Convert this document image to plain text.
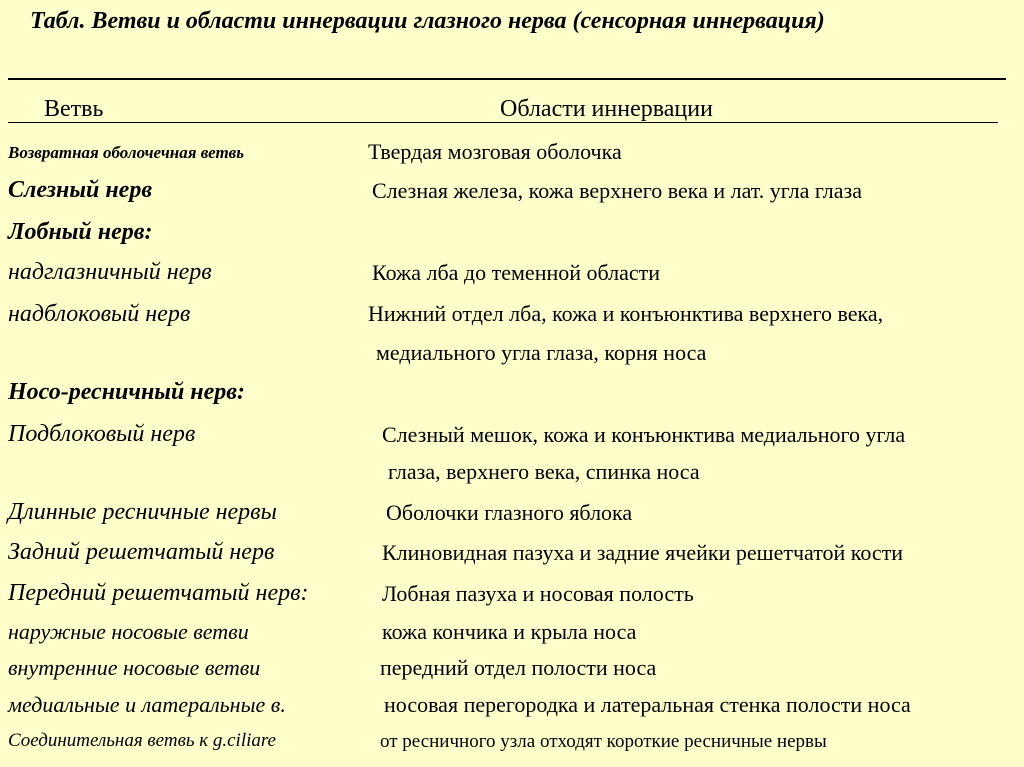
Табл. Ветви и области иннервации глазного нерва (сенсорная иннервация)
Ветвь	Области иннервации
Возвратная оболочечная ветвь	Твердая мозговая оболочка
Слезный нерв	Слезная железа, кожа верхнего века и лат. угла глаза
Лобный нерв:
надглазничный нерв	Кожа лба до теменной области
надблоковый нерв	Нижний отдел лба, кожа и конъюнктива верхнего века,
медиального угла глаза, корня носа
Носо-ресничный нерв:
Подблоковый нерв	Слезный мешок, кожа и конъюнктива медиального угла
глаза, верхнего века, спинка носа
Длинные ресничные нервы	Оболочки глазного яблока
Задний решетчатый нерв	Клиновидная пазуха и задние ячейки решетчатой кости
Передний решетчатый нерв:	Лобная пазуха и носовая полость
наружные носовые ветви	кожа кончика и крыла носа
внутренние носовые ветви	передний отдел полости носа
медиальные и латеральные в.	носовая перегородка и латеральная стенка полости носа
Соединительная ветвь к g.ciliare	от ресничного узла отходят короткие ресничные нервы
